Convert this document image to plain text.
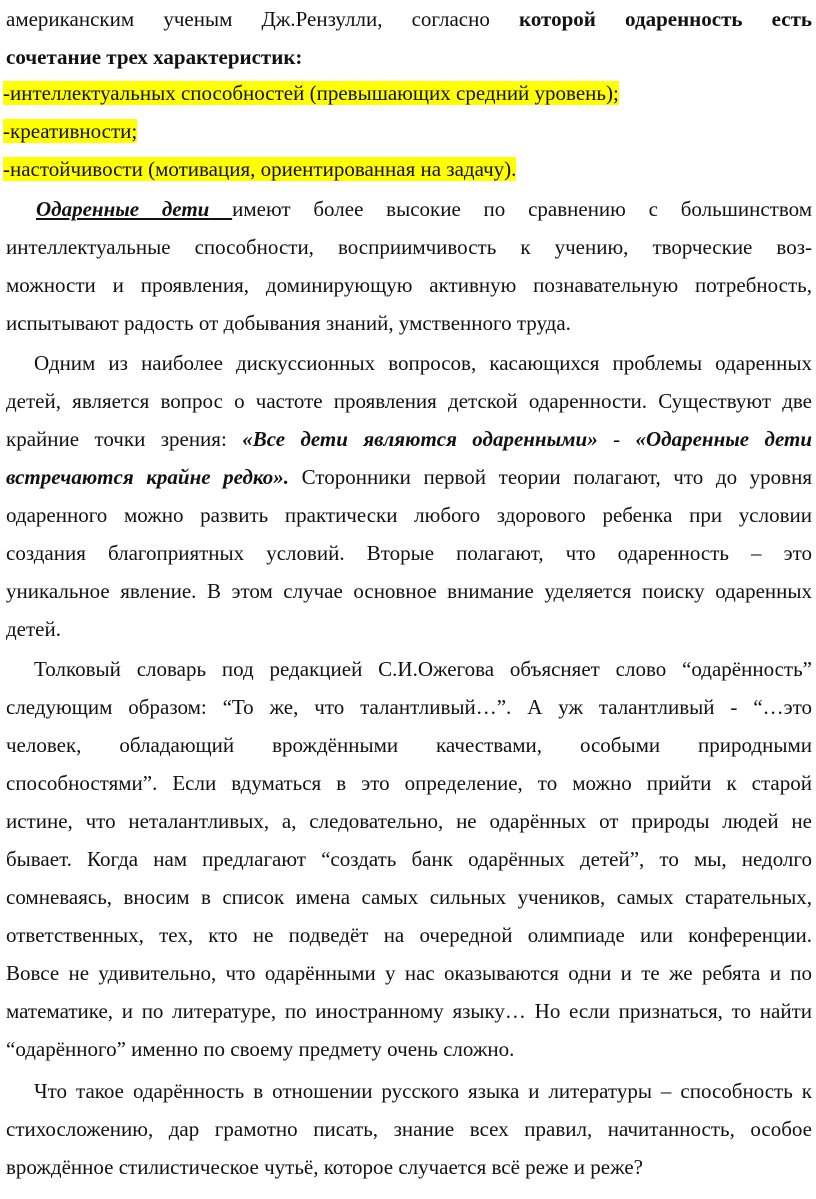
американским ученым Дж.Рензулли, согласно которой одаренность есть
сочетание трех характеристик:
-интеллектуальных способностей (превышающих средний уровень);
-креативности;
-настойчивости (мотивация, ориентированная на задачу).
Одаренные дети имеют более высокие по сравнению с большинством
интеллектуальные способности, восприимчивость к учению, творческие воз-
можности и проявления, доминирующую активную познавательную потребность,
испытывают радость от добывания знаний, умственного труда.
Одним из наиболее дискуссионных вопросов, касающихся проблемы одаренных
детей, является вопрос о частоте проявления детской одаренности. Существуют две
крайние точки зрения: «Все дети являются одаренными» - «Одаренные дети
встречаются крайне редко». Сторонники первой теории полагают, что до уровня
одаренного можно развить практически любого здорового ребенка при условии
создания благоприятных условий. Вторые полагают, что одаренность – это
уникальное явление. В этом случае основное внимание уделяется поиску одаренных
детей.
Толковый словарь под редакцией С.И.Ожегова объясняет слово “одарённость”
следующим образом: “То же, что талантливый…”. А уж талантливый - “…это
человек, обладающий врождёнными качествами, особыми природными
способностями”. Если вдуматься в это определение, то можно прийти к старой
истине, что неталантливых, а, следовательно, не одарённых от природы людей не
бывает. Когда нам предлагают “создать банк одарённых детей”, то мы, недолго
сомневаясь, вносим в список имена самых сильных учеников, самых старательных,
ответственных, тех, кто не подведёт на очередной олимпиаде или конференции.
Вовсе не удивительно, что одарёнными у нас оказываются одни и те же ребята и по
математике, и по литературе, по иностранному языку… Но если признаться, то найти
“одарённого” именно по своему предмету очень сложно.
Что такое одарённость в отношении русского языка и литературы – способность к
стихосложению, дар грамотно писать, знание всех правил, начитанность, особое
врождённое стилистическое чутьё, которое случается всё реже и реже?
